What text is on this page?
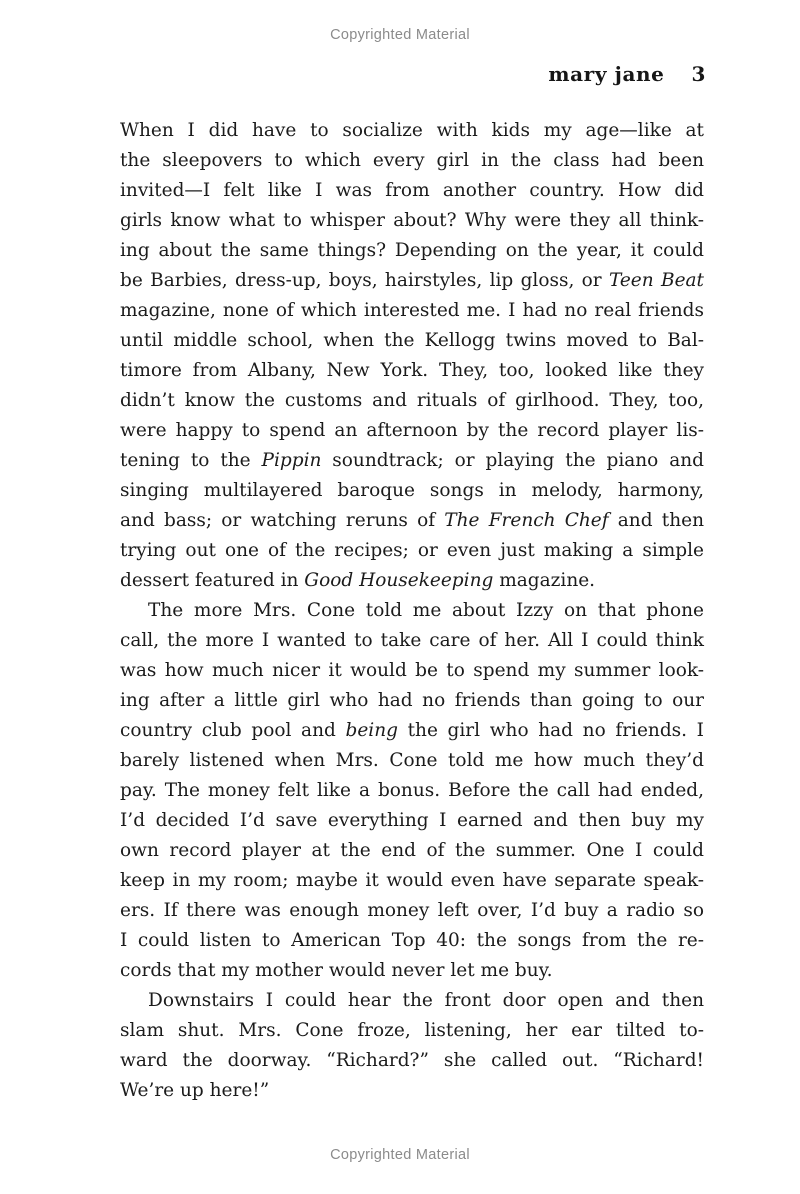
Copyrighted Material
mary jane 3
When I did have to socialize with kids my age—like at
the sleepovers to which every girl in the class had been
invited—I felt like I was from another country. How did
girls know what to whisper about? Why were they all think-
ing about the same things? Depending on the year, it could
be Barbies, dress-up, boys, hairstyles, lip gloss, or Teen Beat
magazine, none of which interested me. I had no real friends
until middle school, when the Kellogg twins moved to Bal-
timore from Albany, New York. They, too, looked like they
didn’t know the customs and rituals of girlhood. They, too,
were happy to spend an afternoon by the record player lis-
tening to the Pippin soundtrack; or playing the piano and
singing multilayered baroque songs in melody, harmony,
and bass; or watching reruns of The French Chef and then
trying out one of the recipes; or even just making a simple
dessert featured in Good Housekeeping magazine.
The more Mrs. Cone told me about Izzy on that phone
call, the more I wanted to take care of her. All I could think
was how much nicer it would be to spend my summer look-
ing after a little girl who had no friends than going to our
country club pool and being the girl who had no friends. I
barely listened when Mrs. Cone told me how much they’d
pay. The money felt like a bonus. Before the call had ended,
I’d decided I’d save everything I earned and then buy my
own record player at the end of the summer. One I could
keep in my room; maybe it would even have separate speak-
ers. If there was enough money left over, I’d buy a radio so
I could listen to American Top 40: the songs from the re-
cords that my mother would never let me buy.
Downstairs I could hear the front door open and then
slam shut. Mrs. Cone froze, listening, her ear tilted to-
ward the doorway. “Richard?” she called out. “Richard!
We’re up here!”
Copyrighted Material
